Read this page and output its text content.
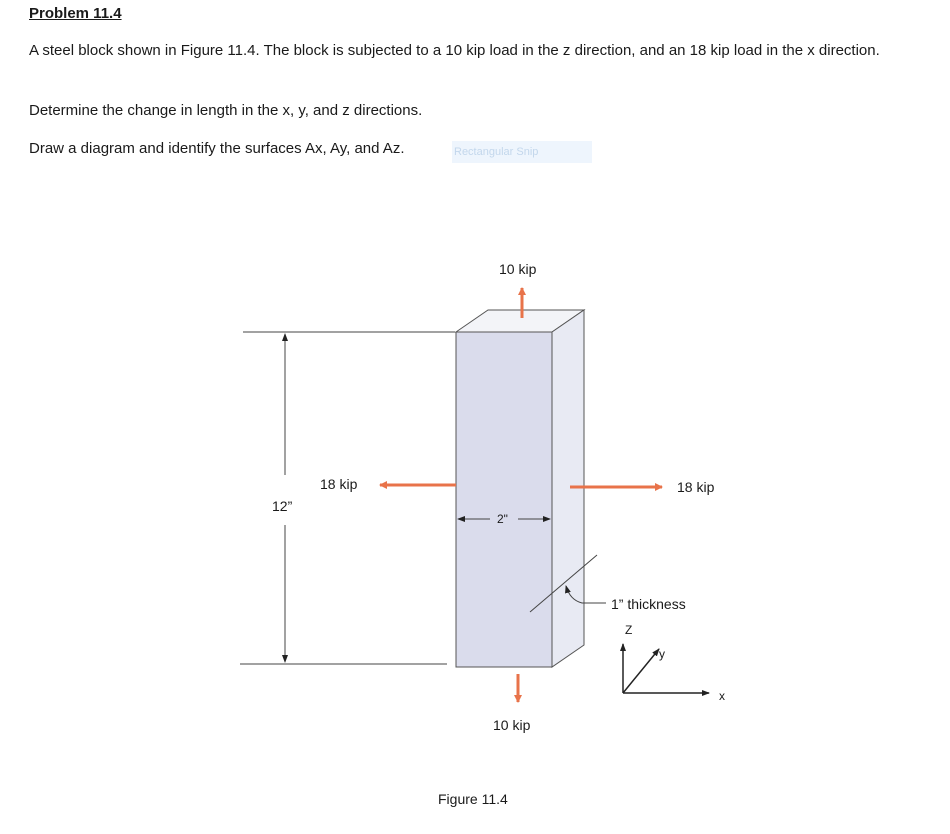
Problem 11.4
A steel block shown in Figure 11.4. The block is subjected to a 10 kip load in the z direction, and an 18 kip load in the x direction.
Determine the change in length in the x, y, and z directions.
Draw a diagram and identify the surfaces Ax, Ay, and Az.	Rectangular Snip
12”
2"
1” thickness
10 kip
10 kip
18 kip	18 kip
Z
y
x
Figure 11.4
